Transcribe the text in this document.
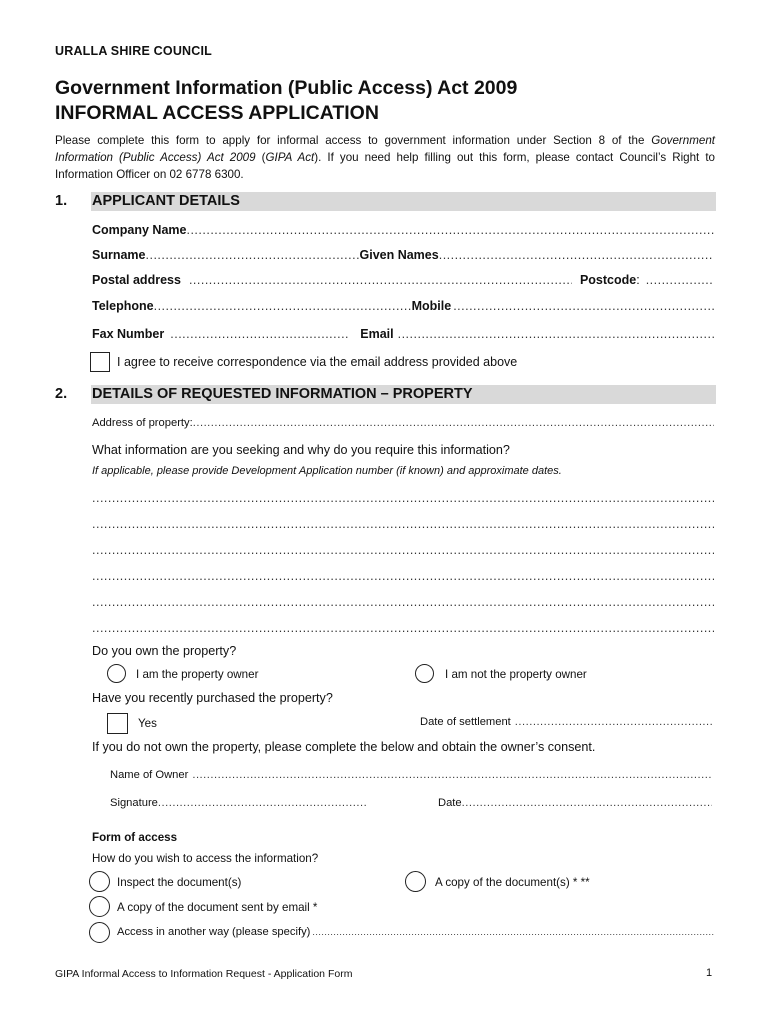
URALLA SHIRE COUNCIL
Government Information (Public Access) Act 2009
INFORMAL ACCESS APPLICATION
Please complete this form to apply for informal access to government information under Section 8 of the Government Information (Public Access) Act 2009 (GIPA Act). If you need help filling out this form, please contact Council’s Right to Information Officer on 02 6778 6300.
1. APPLICANT DETAILS
Company Name
.....
Surname .....	Given Names
.....
Postal address .....	Postcode :
.....
Telephone .....	Mobile
.....
Fax Number .....	Email
.....
I agree to receive correspondence via the email address provided above
2. DETAILS OF REQUESTED INFORMATION – PROPERTY
Address of property:
.....
What information are you seeking and why do you require this information?
If applicable, please provide Development Application number (if known) and approximate dates.
.....
.....
.....
.....
.....
.....
Do you own the property?
I am the property owner	I am not the property owner
Have you recently purchased the property?
Yes	Date of settlement
.....
If you do not own the property, please complete the below and obtain the owner’s consent.
Name of Owner
.....
Signature .....	Date
.....
Form of access
How do you wish to access the information?
Inspect the document(s)	A copy of the document(s) * **
A copy of the document sent by email *
Access in another way (please specify)
.....
GIPA Informal Access to Information Request - Application Form	1
